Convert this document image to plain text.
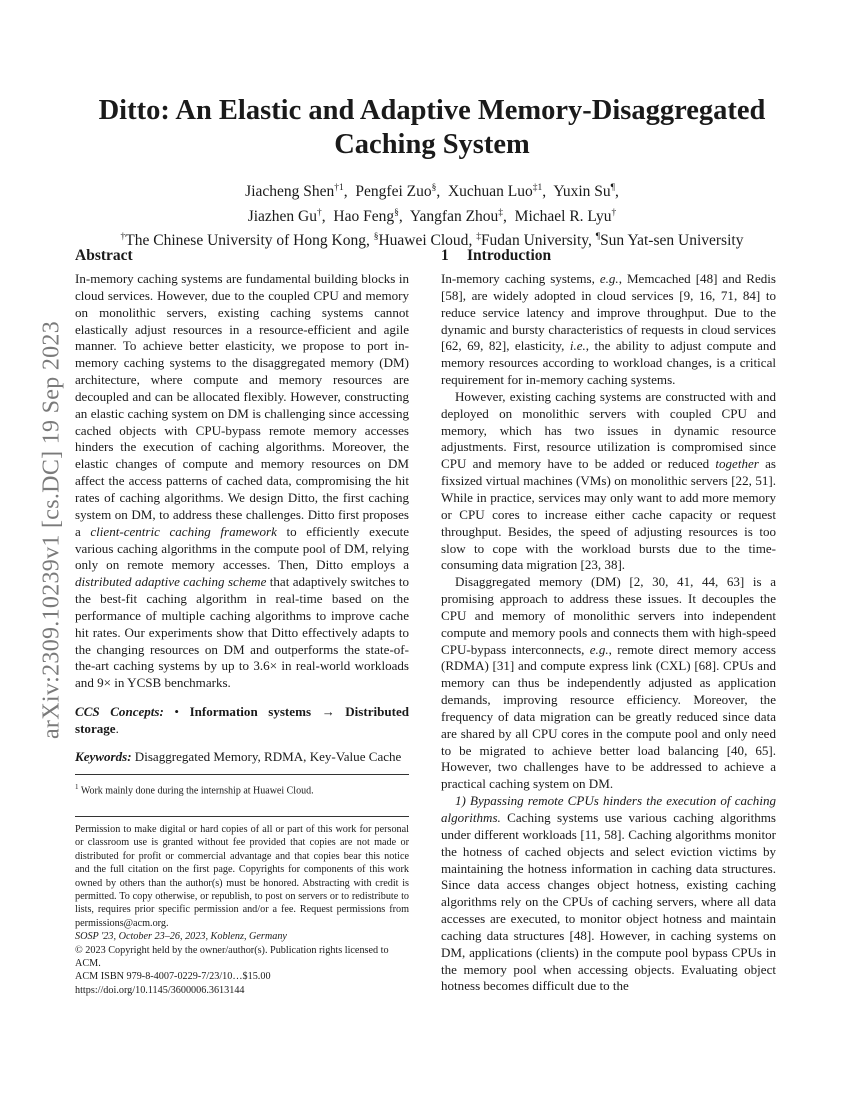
arXiv:2309.10239v1 [cs.DC] 19 Sep 2023
Ditto: An Elastic and Adaptive Memory-Disaggregated Caching System
Jiacheng Shen$^{\dagger 1}$,  Pengfei Zuo§,  Xuchuan Luo$^{\ddagger 1}$,  Yuxin Su¶,
Jiazhen Gu†,  Hao Feng§,  Yangfan Zhou‡,  Michael R. Lyu†
†The Chinese University of Hong Kong, §Huawei Cloud, ‡Fudan University, ¶Sun Yat-sen University
Abstract

In-memory caching systems are fundamental building blocks in cloud services. However, due to the coupled CPU and memory on monolithic servers, existing caching systems cannot elastically adjust resources in a resource-efficient and agile manner. To achieve better elasticity, we propose to port in-memory caching systems to the disaggregated memory (DM) architecture, where compute and memory resources are decoupled and can be allocated flexibly. However, constructing an elastic caching system on DM is challenging since accessing cached objects with CPU-bypass remote memory accesses hinders the execution of caching algorithms. Moreover, the elastic changes of compute and memory resources on DM affect the access patterns of cached data, compromising the hit rates of caching algorithms. We design Ditto, the first caching system on DM, to address these challenges. Ditto first proposes a client-centric caching framework to efficiently execute various caching algorithms in the compute pool of DM, relying only on remote memory accesses. Then, Ditto employs a distributed adaptive caching scheme that adaptively switches to the best-fit caching algorithm in real-time based on the performance of multiple caching algorithms to improve cache hit rates. Our experiments show that Ditto effectively adapts to the changing resources on DM and outperforms the state-of-the-art caching systems by up to 3.6× in real-world workloads and 9× in YCSB benchmarks.

CCS Concepts: • Information systems → Distributed storage.

Keywords: Disaggregated Memory, RDMA, Key-Value Cache

$^1$ Work mainly done during the internship at Huawei Cloud.
Permission to make digital or hard copies of all or part of this work for personal or classroom use is granted without fee provided that copies are not made or distributed for profit or commercial advantage and that copies bear this notice and the full citation on the first page. Copyrights for components of this work owned by others than the author(s) must be honored. Abstracting with credit is permitted. To copy otherwise, or republish, to post on servers or to redistribute to lists, requires prior specific permission and/or a fee. Request permissions from permissions@acm.org.
SOSP '23, October 23–26, 2023, Koblenz, Germany
© 2023 Copyright held by the owner/author(s). Publication rights licensed to ACM.
ACM ISBN 979-8-4007-0229-7/23/10…$15.00
https://doi.org/10.1145/3600006.3613144
1 Introduction

In-memory caching systems, e.g., Memcached [48] and Redis [58], are widely adopted in cloud services [9, 16, 71, 84] to reduce service latency and improve throughput. Due to the dynamic and bursty characteristics of requests in cloud services [62, 69, 82], elasticity, i.e., the ability to adjust compute and memory resources according to workload changes, is a critical requirement for in-memory caching systems.

However, existing caching systems are constructed with and deployed on monolithic servers with coupled CPU and memory, which has two issues in dynamic resource adjustments. First, resource utilization is compromised since CPU and memory have to be added or reduced together as fixsized virtual machines (VMs) on monolithic servers [22, 51]. While in practice, services may only want to add more memory or CPU cores to increase either cache capacity or request throughput. Besides, the speed of adjusting resources is too slow to cope with the workload bursts due to the time-consuming data migration [23, 38].

Disaggregated memory (DM) [2, 30, 41, 44, 63] is a promising approach to address these issues. It decouples the CPU and memory of monolithic servers into independent compute and memory pools and connects them with high-speed CPU-bypass interconnects, e.g., remote direct memory access (RDMA) [31] and compute express link (CXL) [68]. CPUs and memory can thus be independently adjusted as application demands, improving resource efficiency. Moreover, the frequency of data migration can be greatly reduced since data are shared by all CPU cores in the compute pool and only need to be migrated to achieve better load balancing [40, 65]. However, two challenges have to be addressed to achieve a practical caching system on DM.

1) Bypassing remote CPUs hinders the execution of caching algorithms. Caching systems use various caching algorithms under different workloads [11, 58]. Caching algorithms monitor the hotness of cached objects and select eviction victims by maintaining the hotness information in caching data structures. Since data access changes object hotness, existing caching algorithms rely on the CPUs of caching servers, where all data accesses are executed, to monitor object hotness and maintain caching data structures [48]. However, in caching systems on DM, applications (clients) in the compute pool bypass CPUs in the memory pool when accessing objects. Evaluating object hotness becomes difficult due to the
